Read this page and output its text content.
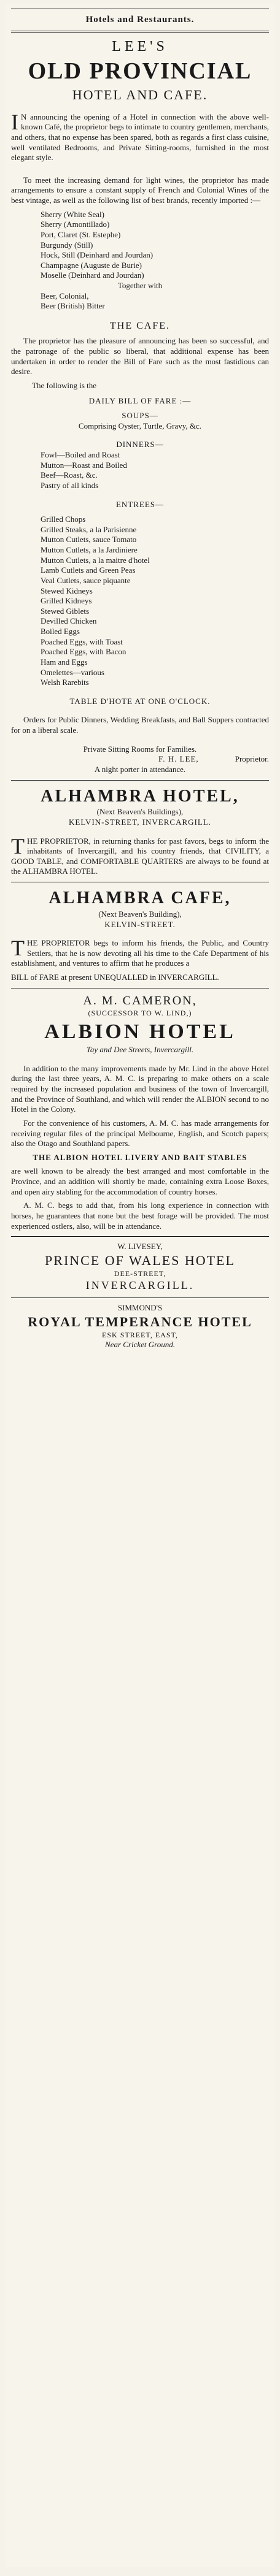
Hotels and Restaurants.
LEE'S
OLD PROVINCIAL
HOTEL AND CAFE.

IN announcing the opening of a Hotel in connection with the above well-known Café, the proprietor begs to intimate to country gentlemen, merchants, and others, that no expense has been spared, both as regards a first class cuisine, well ventilated Bedrooms, and Private Sitting-rooms, furnished in the most elegant style.

To meet the increasing demand for light wines, the proprietor has made arrangements to ensure a constant supply of French and Colonial Wines of the best vintage, as well as the following list of best brands, recently imported :—

Sherry (White Seal)
Sherry (Amontillado)
Port, Claret (St. Estephe)
Burgundy (Still)
Hock, Still (Deinhard and Jourdan)
Champagne (Auguste de Burie)
Moselle (Deinhard and Jourdan)
Together with
Beer, Colonial,
Beer (British) Bitter
THE CAFE.

The proprietor has the pleasure of announcing has been so successful, and the patronage of the public so liberal, that additional expense has been undertaken in order to render the Bill of Fare such as the most fastidious can desire.

The following is the
DAILY BILL OF FARE :—
SOUPS—
Comprising Oyster, Turtle, Gravy, &c.
DINNERS—
Fowl—Boiled and Roast
Mutton—Roast and Boiled
Beef—Roast, &c.
Pastry of all kinds
ENTREES—
Grilled Chops
Grilled Steaks, a la Parisienne
Mutton Cutlets, sauce Tomato
Mutton Cutlets, a la Jardiniere
Mutton Cutlets, a la maitre d'hotel
Lamb Cutlets and Green Peas
Veal Cutlets, sauce piquante
Stewed Kidneys
Grilled Kidneys
Stewed Giblets
Devilled Chicken
Boiled Eggs
Poached Eggs, with Toast
Poached Eggs, with Bacon
Ham and Eggs
Omelettes—various
Welsh Rarebits
TABLE D'HOTE AT ONE O'CLOCK.

Orders for Public Dinners, Wedding Breakfasts, and Ball Suppers contracted for on a liberal scale.

Private Sitting Rooms for Families.
F. H. LEE,	Proprietor.
A night porter in attendance.
ALHAMBRA HOTEL,
(Next Beaven's Buildings),
KELVIN-STREET, INVERCARGILL.

THE PROPRIETOR, in returning thanks for past favors, begs to inform the inhabitants of Invercargill, and his country friends, that CIVILITY, a GOOD TABLE, and COMFORTABLE QUARTERS are always to be found at the ALHAMBRA HOTEL.

ALHAMBRA CAFE,
(Next Beaven's Building),
KELVIN-STREET.

THE PROPRIETOR begs to inform his friends, the Public, and Country Settlers, that he is now devoting all his time to the Cafe Department of his establishment, and ventures to affirm that he produces a

BILL of FARE at present UNEQUALLED in INVERCARGILL.

A. M. CAMERON,
(SUCCESSOR TO W. LIND,)
ALBION HOTEL
Tay and Dee Streets, Invercargill.

In addition to the many improvements made by Mr. Lind in the above Hotel during the last three years, A. M. C. is preparing to make others on a scale required by the increased population and business of the town of Invercargill, and the Province of Southland, and which will render the ALBION second to no Hotel in the Colony.

For the convenience of his customers, A. M. C. has made arrangements for receiving regular files of the principal Melbourne, English, and Scotch papers; also the Otago and Southland papers.

THE ALBION HOTEL LIVERY AND BAIT STABLES

are well known to be already the best arranged and most comfortable in the Province, and an addition will shortly be made, containing extra Loose Boxes, and open airy stabling for the accommodation of country horses.

A. M. C. begs to add that, from his long experience in connection with horses, he guarantees that none but the best forage will be provided. The most experienced ostlers, also, will be in attendance.

W. LIVESEY,
PRINCE OF WALES HOTEL
DEE-STREET,
INVERCARGILL.
SIMMOND'S
ROYAL TEMPERANCE HOTEL
ESK STREET, EAST,
Near Cricket Ground.
